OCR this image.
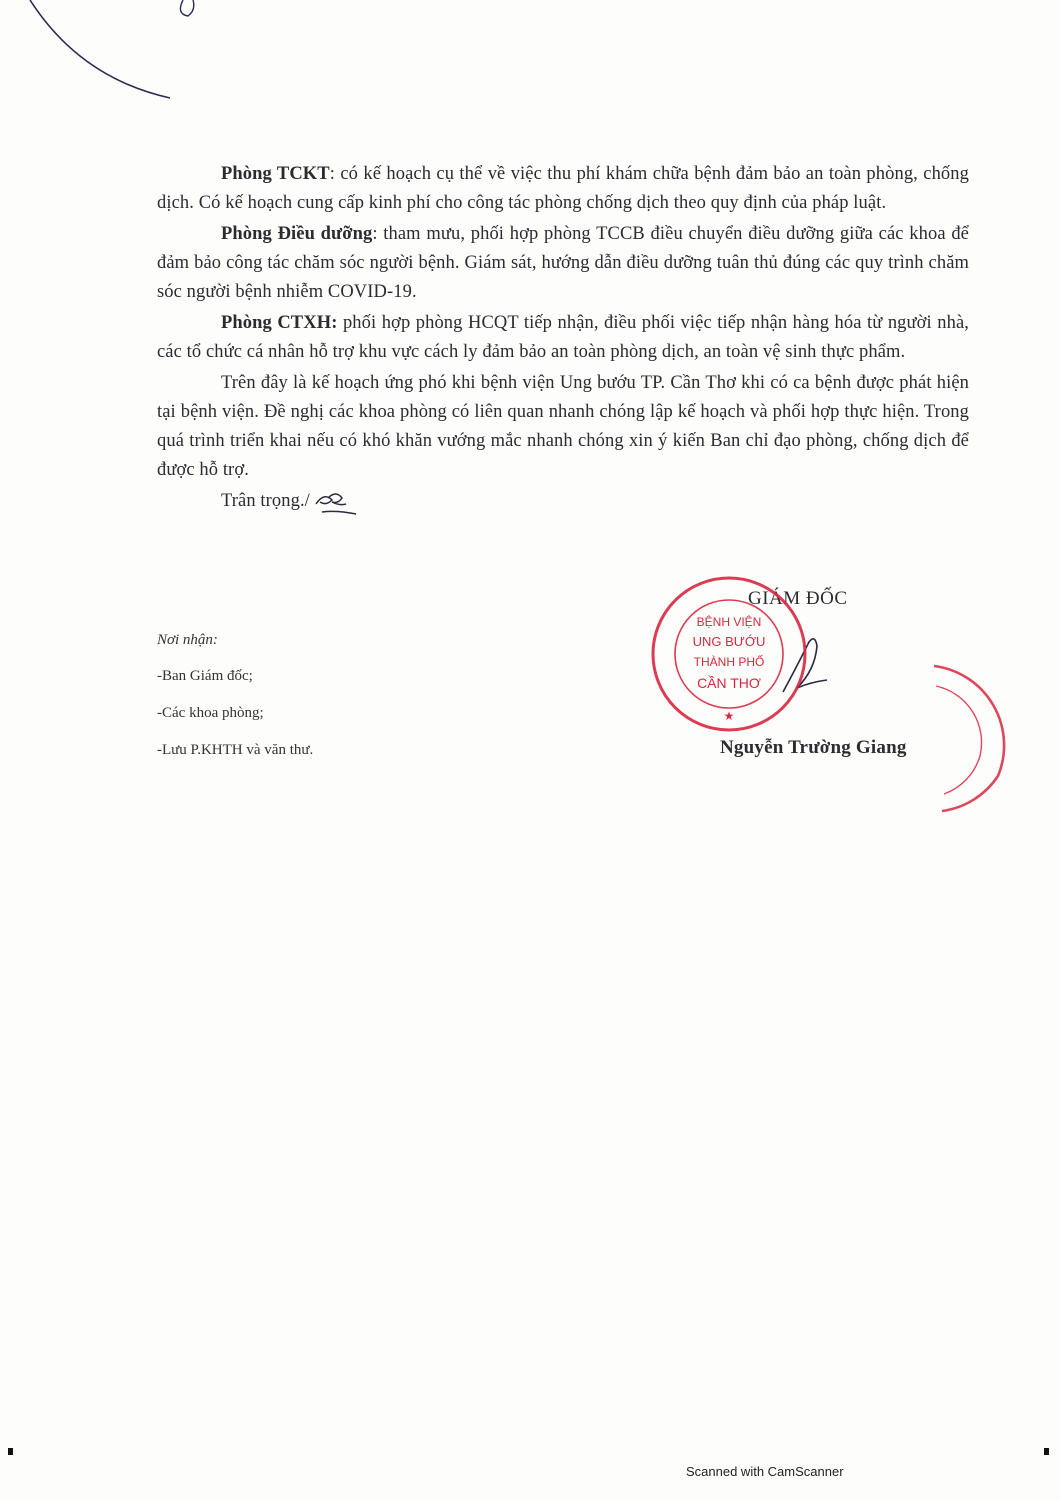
Phòng TCKT: có kế hoạch cụ thể về việc thu phí khám chữa bệnh đảm bảo an toàn phòng, chống dịch. Có kế hoạch cung cấp kinh phí cho công tác phòng chống dịch theo quy định của pháp luật.

Phòng Điều dưỡng: tham mưu, phối hợp phòng TCCB điều chuyển điều dưỡng giữa các khoa để đảm bảo công tác chăm sóc người bệnh. Giám sát, hướng dẫn điều dưỡng tuân thủ đúng các quy trình chăm sóc người bệnh nhiễm COVID-19.

Phòng CTXH: phối hợp phòng HCQT tiếp nhận, điều phối việc tiếp nhận hàng hóa từ người nhà, các tổ chức cá nhân hỗ trợ khu vực cách ly đảm bảo an toàn phòng dịch, an toàn vệ sinh thực phẩm.

Trên đây là kế hoạch ứng phó khi bệnh viện Ung bướu TP. Cần Thơ khi có ca bệnh được phát hiện tại bệnh viện. Đề nghị các khoa phòng có liên quan nhanh chóng lập kế hoạch và phối hợp thực hiện. Trong quá trình triển khai nếu có khó khăn vướng mắc nhanh chóng xin ý kiến Ban chỉ đạo phòng, chống dịch để được hỗ trợ.

Trân trọng./

Nơi nhận:
-Ban Giám đốc;
-Các khoa phòng;
-Lưu P.KHTH và văn thư.
GIÁM ĐỐC
BỆNH VIỆN
UNG BƯỚU
THÀNH PHỐ
CẦN THƠ
★
Nguyễn Trường Giang
Scanned with CamScanner
